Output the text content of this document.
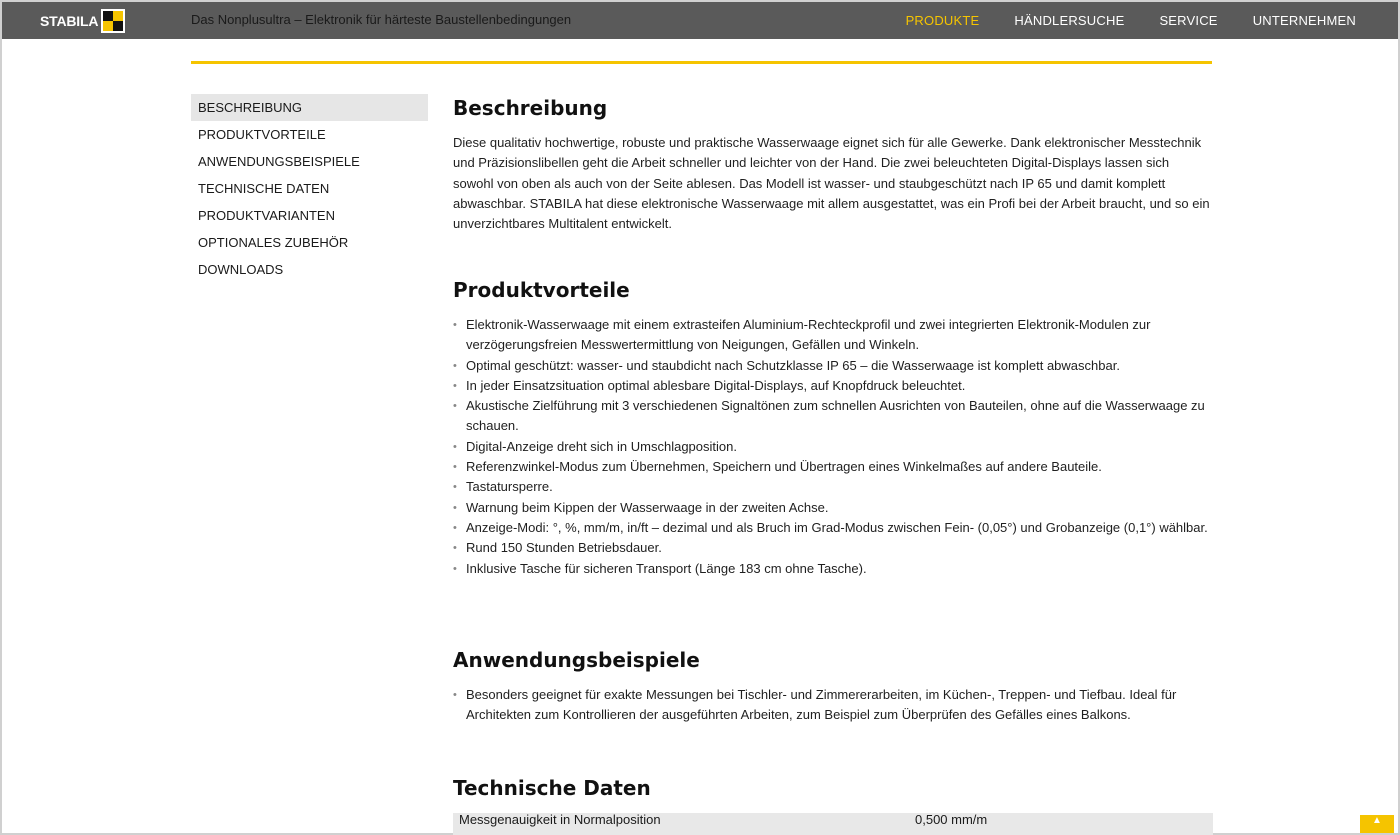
STABILA	Das Nonplusultra – Elektronik für härteste Baustellenbedingungen	PRODUKTE	HÄNDLERSUCHE	SERVICE	UNTERNEHMEN
BESCHREIBUNG
PRODUKTVORTEILE
ANWENDUNGSBEISPIELE
TECHNISCHE DATEN
PRODUKTVARIANTEN
OPTIONALES ZUBEHÖR
DOWNLOADS
Beschreibung

Diese qualitativ hochwertige, robuste und praktische Wasserwaage eignet sich für alle Gewerke. Dank elektronischer Messtechnik und Präzisionslibellen geht die Arbeit schneller und leichter von der Hand. Die zwei beleuchteten Digital-Displays lassen sich sowohl von oben als auch von der Seite ablesen. Das Modell ist wasser- und staubgeschützt nach IP 65 und damit komplett abwaschbar. STABILA hat diese elektronische Wasserwaage mit allem ausgestattet, was ein Profi bei der Arbeit braucht, und so ein unverzichtbares Multitalent entwickelt.

Produktvorteile
• Elektronik-Wasserwaage mit einem extrasteifen Aluminium-Rechteckprofil und zwei integrierten Elektronik-Modulen zur verzögerungsfreien Messwertermittlung von Neigungen, Gefällen und Winkeln.
• Optimal geschützt: wasser- und staubdicht nach Schutzklasse IP 65 – die Wasserwaage ist komplett abwaschbar.
• In jeder Einsatzsituation optimal ablesbare Digital-Displays, auf Knopfdruck beleuchtet.
• Akustische Zielführung mit 3 verschiedenen Signaltönen zum schnellen Ausrichten von Bauteilen, ohne auf die Wasserwaage zu schauen.
• Digital-Anzeige dreht sich in Umschlagposition.
• Referenzwinkel-Modus zum Übernehmen, Speichern und Übertragen eines Winkelmaßes auf andere Bauteile.
• Tastatursperre.
• Warnung beim Kippen der Wasserwaage in der zweiten Achse.
• Anzeige-Modi: °, %, mm/m, in/ft – dezimal und als Bruch im Grad-Modus zwischen Fein- (0,05°) und Grobanzeige (0,1°) wählbar.
• Rund 150 Stunden Betriebsdauer.
• Inklusive Tasche für sicheren Transport (Länge 183 cm ohne Tasche).
Anwendungsbeispiele
• Besonders geeignet für exakte Messungen bei Tischler- und Zimmererarbeiten, im Küchen-, Treppen- und Tiefbau. Ideal für Architekten zum Kontrollieren der ausgeführten Arbeiten, zum Beispiel zum Überprüfen des Gefälles eines Balkons.
Technische Daten
Messgenauigkeit in Normalposition	0,500 mm/m	▲
